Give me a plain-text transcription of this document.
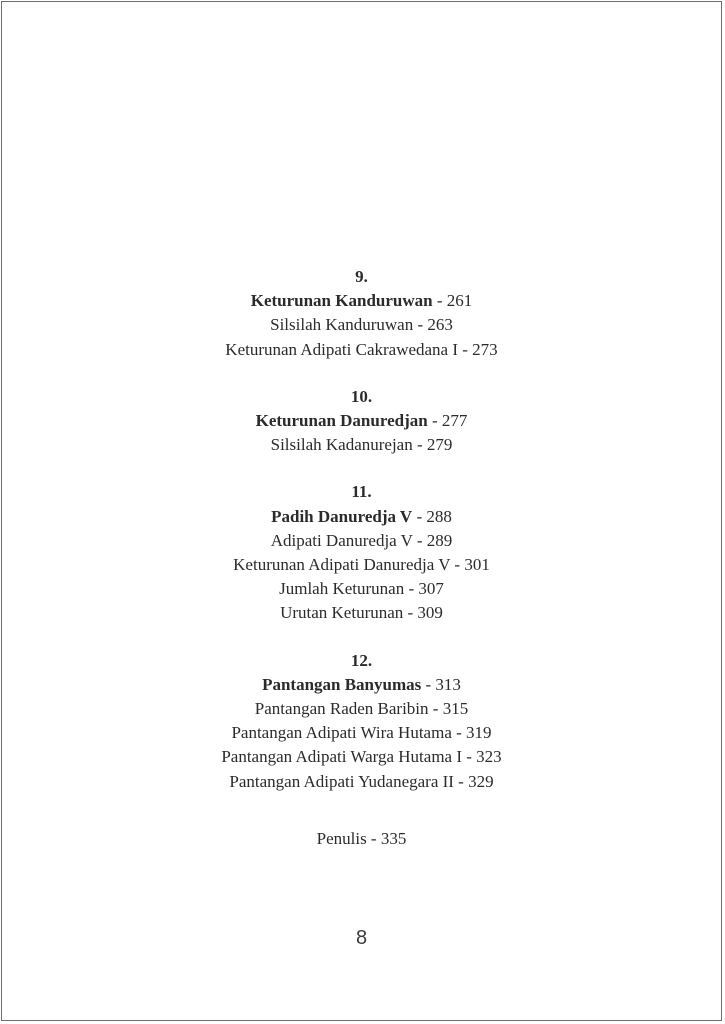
9.
Keturunan Kanduruwan - 261
Silsilah Kanduruwan - 263
Keturunan Adipati Cakrawedana I - 273
10.
Keturunan Danuredjan - 277
Silsilah Kadanurejan - 279
11.
Padih Danuredja V - 288
Adipati Danuredja V - 289
Keturunan Adipati Danuredja V - 301
Jumlah Keturunan - 307
Urutan Keturunan - 309
12.
Pantangan Banyumas - 313
Pantangan Raden Baribin - 315
Pantangan Adipati Wira Hutama - 319
Pantangan Adipati Warga Hutama I - 323
Pantangan Adipati Yudanegara II - 329
Penulis - 335
8
